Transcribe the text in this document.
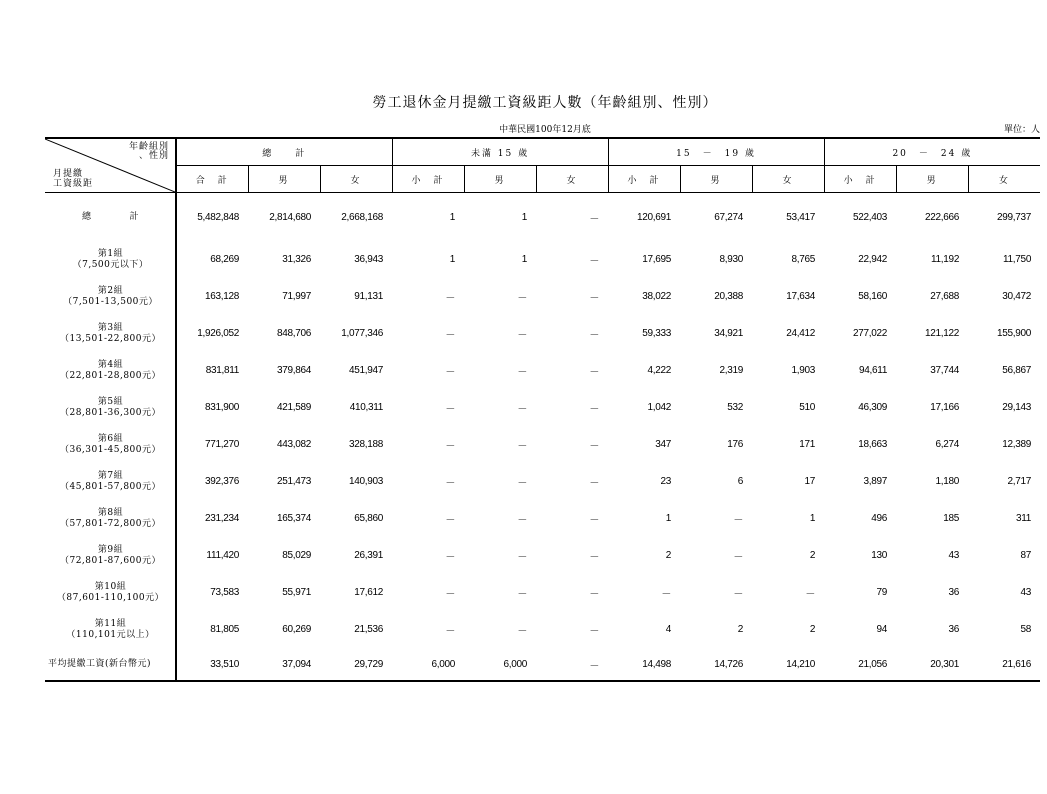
勞工退休金月提繳工資級距人數（年齡組別、性別）
中華民國100年12月底	單位：人
年齡組別
、性別
月提繳
工資級距	總　　計			未滿 15 歲			15　－　19 歲			20　－　24 歲		
	合　計	男	女	小　計	男	女	小　計	男	女	小　計	男	女
總　　　　計	5,482,848	2,814,680	2,668,168	1	1	－	120,691	67,274	53,417	522,403	222,666	299,737
第1組
（7,500元以下）	68,269	31,326	36,943	1	1	－	17,695	8,930	8,765	22,942	11,192	11,750
第2組
（7,501-13,500元）	163,128	71,997	91,131	－	－	－	38,022	20,388	17,634	58,160	27,688	30,472
第3組
（13,501-22,800元）	1,926,052	848,706	1,077,346	－	－	－	59,333	34,921	24,412	277,022	121,122	155,900
第4組
（22,801-28,800元）	831,811	379,864	451,947	－	－	－	4,222	2,319	1,903	94,611	37,744	56,867
第5組
（28,801-36,300元）	831,900	421,589	410,311	－	－	－	1,042	532	510	46,309	17,166	29,143
第6組
（36,301-45,800元）	771,270	443,082	328,188	－	－	－	347	176	171	18,663	6,274	12,389
第7組
（45,801-57,800元）	392,376	251,473	140,903	－	－	－	23	6	17	3,897	1,180	2,717
第8組
（57,801-72,800元）	231,234	165,374	65,860	－	－	－	1	－	1	496	185	311
第9組
（72,801-87,600元）	111,420	85,029	26,391	－	－	－	2	－	2	130	43	87
第10組
（87,601-110,100元）	73,583	55,971	17,612	－	－	－	－	－	－	79	36	43
第11組
（110,101元以上）	81,805	60,269	21,536	－	－	－	4	2	2	94	36	58
平均提繳工資(新台幣元)	33,510	37,094	29,729	6,000	6,000	－	14,498	14,726	14,210	21,056	20,301	21,616
